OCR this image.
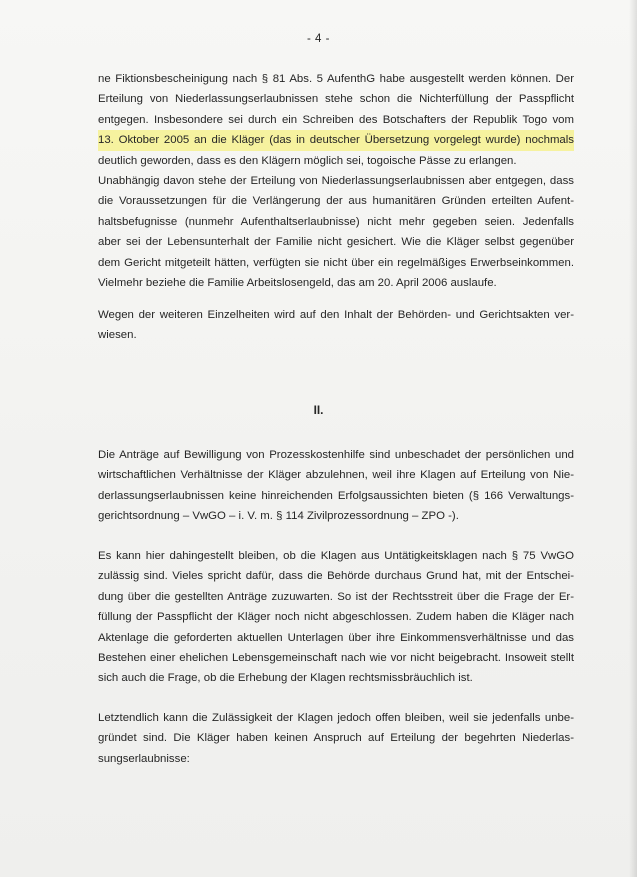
- 4 -

ne Fiktionsbescheinigung nach § 81 Abs. 5 AufenthG habe ausgestellt werden können. Der
Erteilung von Niederlassungserlaubnissen stehe schon die Nichterfüllung der Passpflicht
entgegen. Insbesondere sei durch ein Schreiben des Botschafters der Republik Togo vom
13. Oktober 2005 an die Kläger (das in deutscher Übersetzung vorgelegt wurde) nochmals
deutlich geworden, dass es den Klägern möglich sei, togoische Pässe zu erlangen.
Unabhängig davon stehe der Erteilung von Niederlassungserlaubnissen aber entgegen, dass
die Voraussetzungen für die Verlängerung der aus humanitären Gründen erteilten Aufent-
haltsbefugnisse (nunmehr Aufenthaltserlaubnisse) nicht mehr gegeben seien. Jedenfalls
aber sei der Lebensunterhalt der Familie nicht gesichert. Wie die Kläger selbst gegenüber
dem Gericht mitgeteilt hätten, verfügten sie nicht über ein regelmäßiges Erwerbseinkommen.
Vielmehr beziehe die Familie Arbeitslosengeld, das am 20. April 2006 auslaufe.

Wegen der weiteren Einzelheiten wird auf den Inhalt der Behörden- und Gerichtsakten ver-
wiesen.

II.

Die Anträge auf Bewilligung von Prozesskostenhilfe sind unbeschadet der persönlichen und
wirtschaftlichen Verhältnisse der Kläger abzulehnen, weil ihre Klagen auf Erteilung von Nie-
derlassungserlaubnissen keine hinreichenden Erfolgsaussichten bieten (§ 166 Verwaltungs-
gerichtsordnung – VwGO – i. V. m. § 114 Zivilprozessordnung – ZPO -).

Es kann hier dahingestellt bleiben, ob die Klagen aus Untätigkeitsklagen nach § 75 VwGO
zulässig sind. Vieles spricht dafür, dass die Behörde durchaus Grund hat, mit der Entschei-
dung über die gestellten Anträge zuzuwarten. So ist der Rechtsstreit über die Frage der Er-
füllung der Passpflicht der Kläger noch nicht abgeschlossen. Zudem haben die Kläger nach
Aktenlage die geforderten aktuellen Unterlagen über ihre Einkommensverhältnisse und das
Bestehen einer ehelichen Lebensgemeinschaft nach wie vor nicht beigebracht. Insoweit stellt
sich auch die Frage, ob die Erhebung der Klagen rechtsmissbräuchlich ist.

Letztendlich kann die Zulässigkeit der Klagen jedoch offen bleiben, weil sie jedenfalls unbe-
gründet sind. Die Kläger haben keinen Anspruch auf Erteilung der begehrten Niederlas-
sungserlaubnisse:
